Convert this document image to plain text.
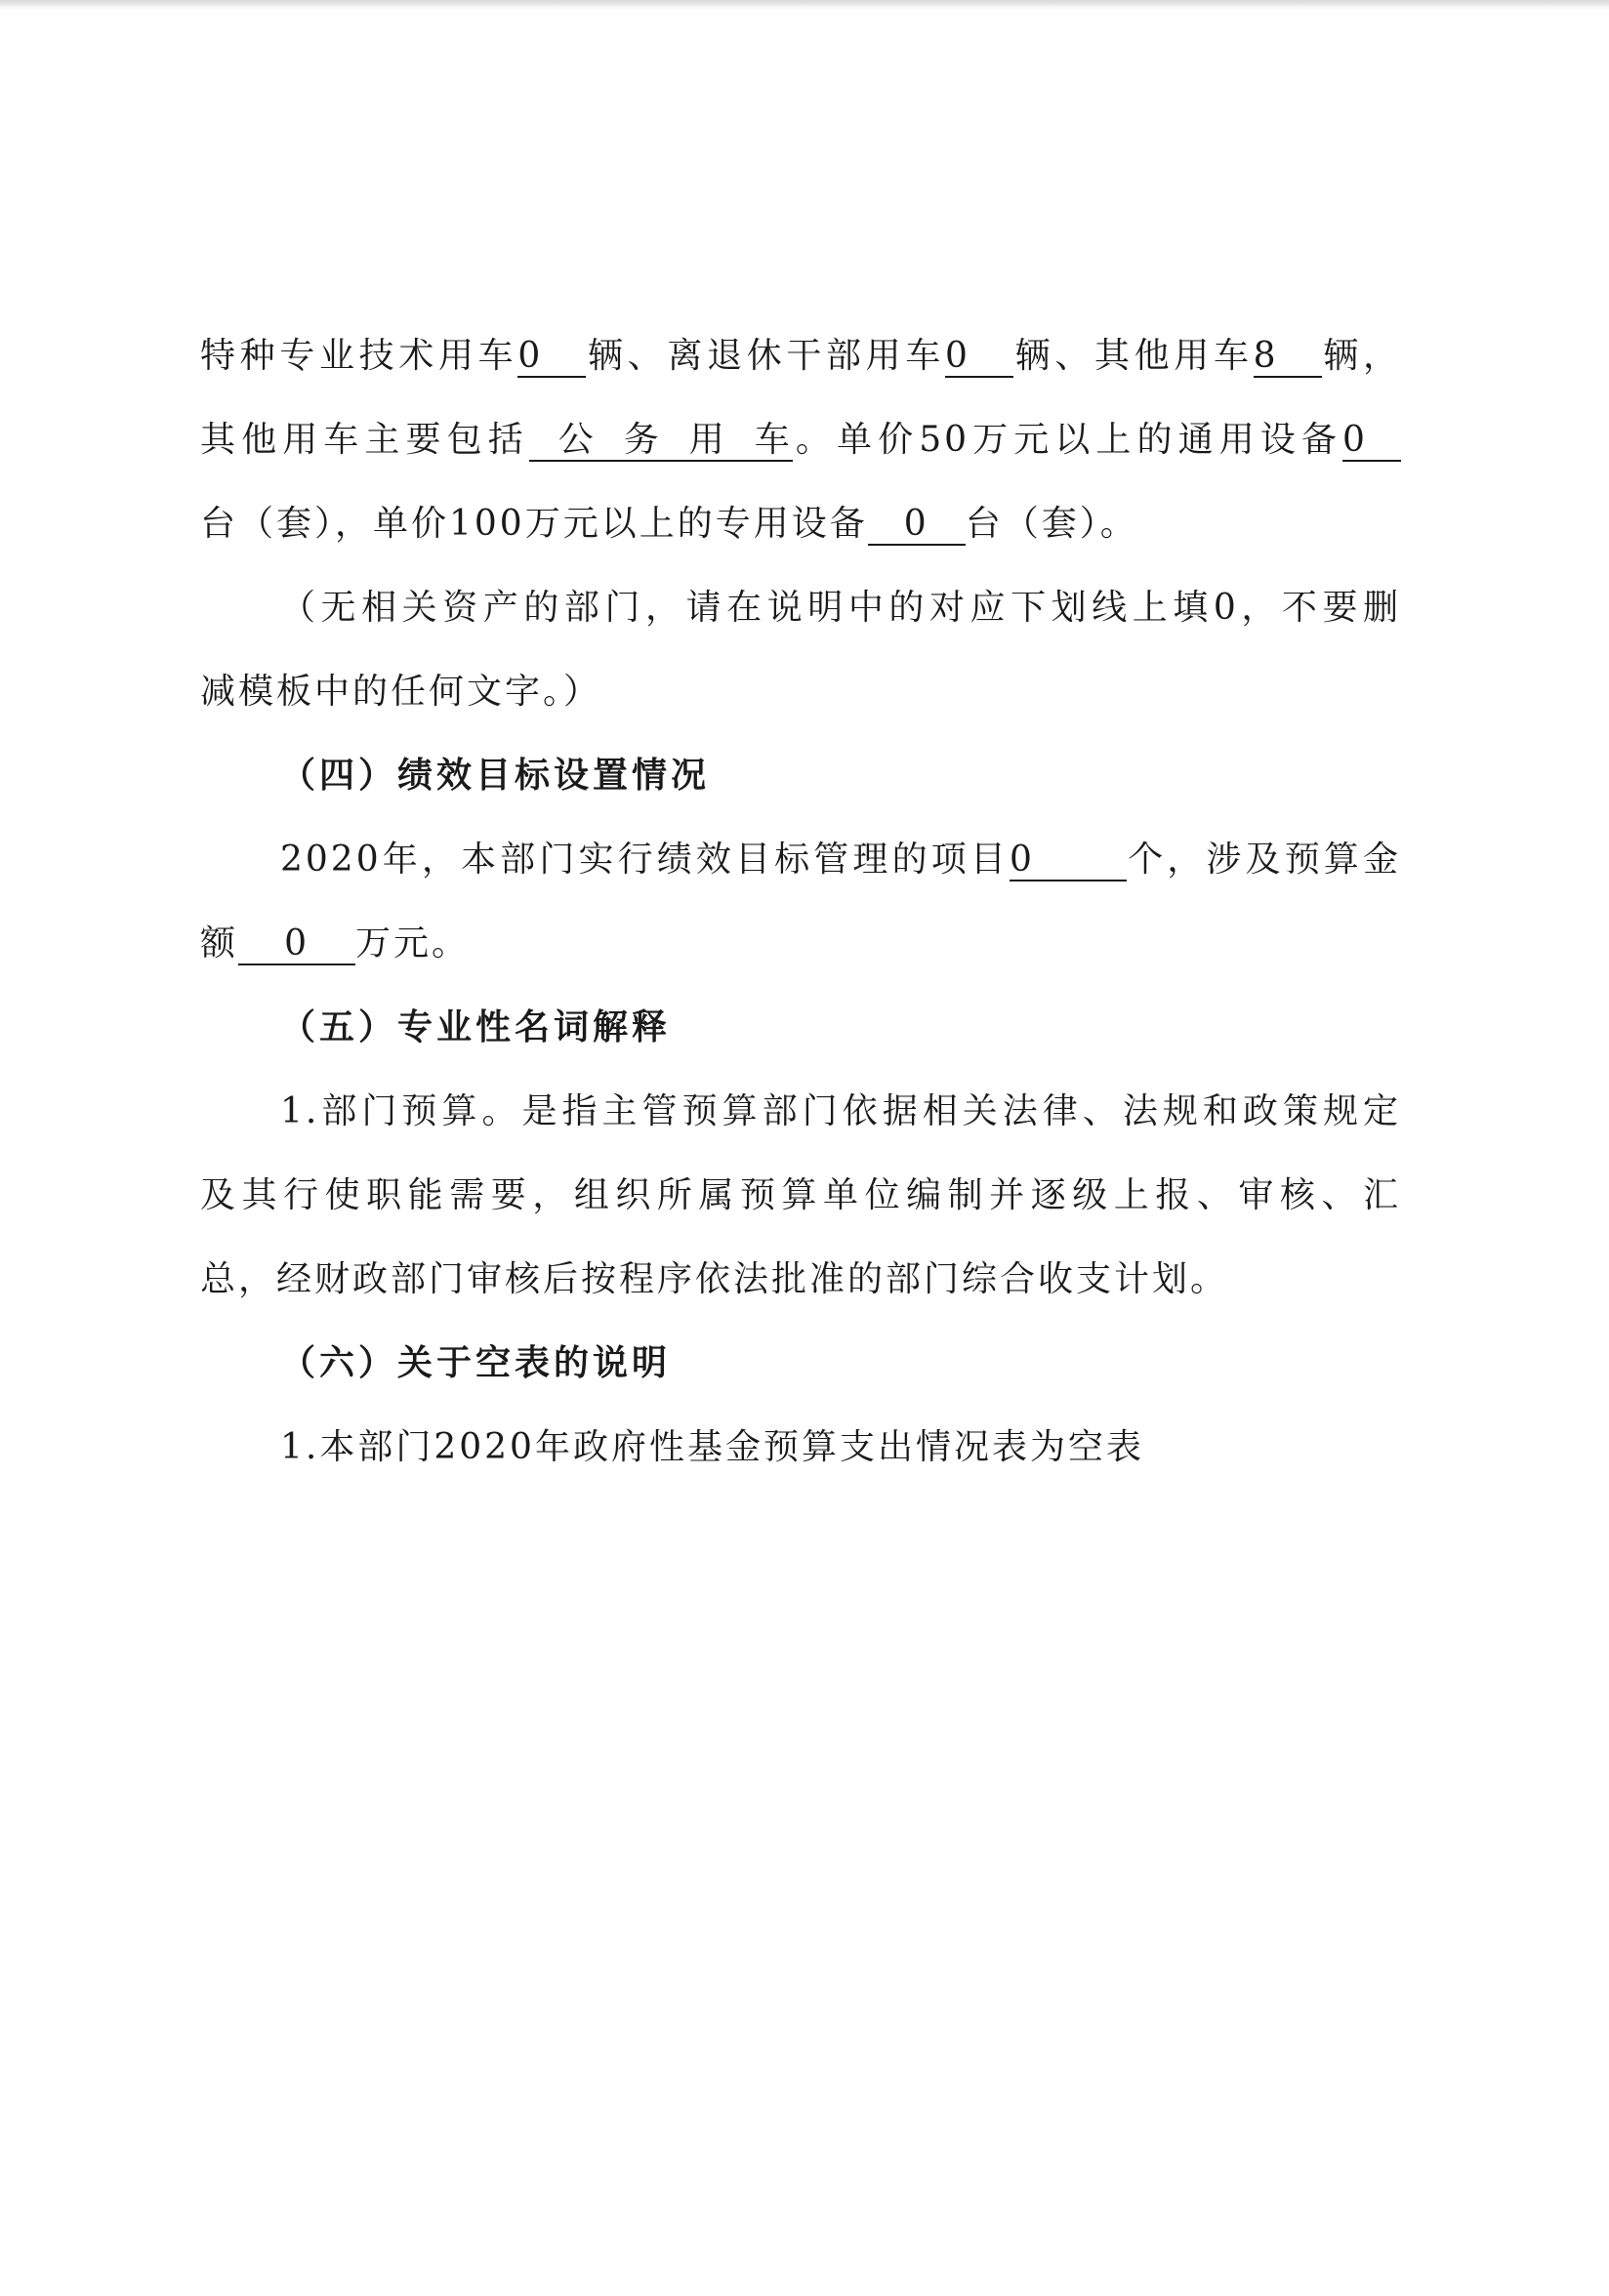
特种专业技术用车0 辆、离退休干部用车0 辆、其他用车8 辆，
其他用车主要包括 公务用车。单价50万元以上的通用设备0
台（套），单价100万元以上的专用设备 0 台（套）。
（无相关资产的部门，请在说明中的对应下划线上填0，不要删
减模板中的任何文字。）
（四）绩效目标设置情况
2020年，本部门实行绩效目标管理的项目0	个，涉及预算金
额 0 万元。
（五）专业性名词解释
1.部门预算。是指主管预算部门依据相关法律、法规和政策规定
及其行使职能需要，组织所属预算单位编制并逐级上报、审核、汇
总，经财政部门审核后按程序依法批准的部门综合收支计划。
（六）关于空表的说明
1.本部门2020年政府性基金预算支出情况表为空表
